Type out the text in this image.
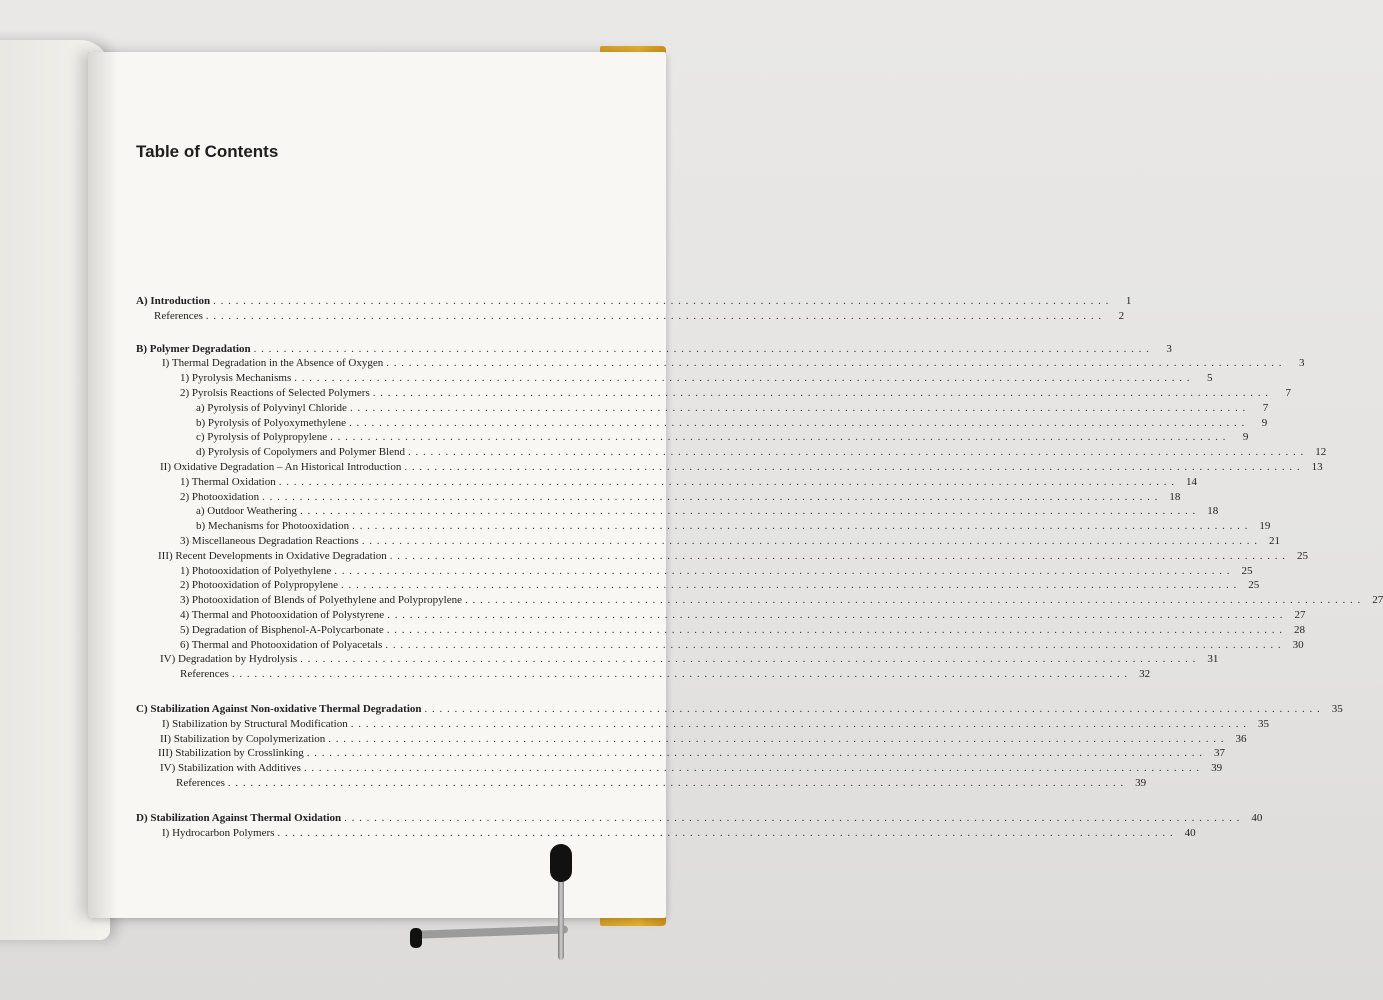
Table of Contents
A) Introduction . . . . . . . . . . . . . . . . . . . . . . . . . . . . . . . . . . . . . . . . . . . . . . . . . . . . . . . . . . . . . . . . . . . . . . . . . . . . . . . . . . . . . . . . . . . . . . . . . . . . . . . . . . . . . . . . . . . . . . . .	1
References . . . . . . . . . . . . . . . . . . . . . . . . . . . . . . . . . . . . . . . . . . . . . . . . . . . . . . . . . . . . . . . . . . . . . . . . . . . . . . . . . . . . . . . . . . . . . . . . . . . . . . . . . . . . . . . . . . . . . . . .	2
B) Polymer Degradation . . . . . . . . . . . . . . . . . . . . . . . . . . . . . . . . . . . . . . . . . . . . . . . . . . . . . . . . . . . . . . . . . . . . . . . . . . . . . . . . . . . . . . . . . . . . . . . . . . . . . . . . . . . . . . . . . . . . . . . .	3
I) Thermal Degradation in the Absence of Oxygen . . . . . . . . . . . . . . . . . . . . . . . . . . . . . . . . . . . . . . . . . . . . . . . . . . . . . . . . . . . . . . . . . . . . . . . . . . . . . . . . . . . . . . . . . . . . . . . . . . . . . . . . . . . . . . . . . . . . . . . .	3
1) Pyrolysis Mechanisms . . . . . . . . . . . . . . . . . . . . . . . . . . . . . . . . . . . . . . . . . . . . . . . . . . . . . . . . . . . . . . . . . . . . . . . . . . . . . . . . . . . . . . . . . . . . . . . . . . . . . . . . . . . . . . . . . . . . . . . .	5
2) Pyrolsis Reactions of Selected Polymers . . . . . . . . . . . . . . . . . . . . . . . . . . . . . . . . . . . . . . . . . . . . . . . . . . . . . . . . . . . . . . . . . . . . . . . . . . . . . . . . . . . . . . . . . . . . . . . . . . . . . . . . . . . . . . . . . . . . . . . .	7
a) Pyrolysis of Polyvinyl Chloride . . . . . . . . . . . . . . . . . . . . . . . . . . . . . . . . . . . . . . . . . . . . . . . . . . . . . . . . . . . . . . . . . . . . . . . . . . . . . . . . . . . . . . . . . . . . . . . . . . . . . . . . . . . . . . . . . . . . . . . .	7
b) Pyrolysis of Polyoxymethylene . . . . . . . . . . . . . . . . . . . . . . . . . . . . . . . . . . . . . . . . . . . . . . . . . . . . . . . . . . . . . . . . . . . . . . . . . . . . . . . . . . . . . . . . . . . . . . . . . . . . . . . . . . . . . . . . . . . . . . . .	9
c) Pyrolysis of Polypropylene . . . . . . . . . . . . . . . . . . . . . . . . . . . . . . . . . . . . . . . . . . . . . . . . . . . . . . . . . . . . . . . . . . . . . . . . . . . . . . . . . . . . . . . . . . . . . . . . . . . . . . . . . . . . . . . . . . . . . . . .	9
d) Pyrolysis of Copolymers and Polymer Blend . . . . . . . . . . . . . . . . . . . . . . . . . . . . . . . . . . . . . . . . . . . . . . . . . . . . . . . . . . . . . . . . . . . . . . . . . . . . . . . . . . . . . . . . . . . . . . . . . . . . . . . . . . . . . . . . . . . . . . . .	12
II) Oxidative Degradation – An Historical Introduction . . . . . . . . . . . . . . . . . . . . . . . . . . . . . . . . . . . . . . . . . . . . . . . . . . . . . . . . . . . . . . . . . . . . . . . . . . . . . . . . . . . . . . . . . . . . . . . . . . . . . . . . . . . . . . . . . . . . . . . .	13
1) Thermal Oxidation . . . . . . . . . . . . . . . . . . . . . . . . . . . . . . . . . . . . . . . . . . . . . . . . . . . . . . . . . . . . . . . . . . . . . . . . . . . . . . . . . . . . . . . . . . . . . . . . . . . . . . . . . . . . . . . . . . . . . . . .	14
2) Photooxidation . . . . . . . . . . . . . . . . . . . . . . . . . . . . . . . . . . . . . . . . . . . . . . . . . . . . . . . . . . . . . . . . . . . . . . . . . . . . . . . . . . . . . . . . . . . . . . . . . . . . . . . . . . . . . . . . . . . . . . . .	18
a) Outdoor Weathering . . . . . . . . . . . . . . . . . . . . . . . . . . . . . . . . . . . . . . . . . . . . . . . . . . . . . . . . . . . . . . . . . . . . . . . . . . . . . . . . . . . . . . . . . . . . . . . . . . . . . . . . . . . . . . . . . . . . . . . .	18
b) Mechanisms for Photooxidation . . . . . . . . . . . . . . . . . . . . . . . . . . . . . . . . . . . . . . . . . . . . . . . . . . . . . . . . . . . . . . . . . . . . . . . . . . . . . . . . . . . . . . . . . . . . . . . . . . . . . . . . . . . . . . . . . . . . . . . .	19
3) Miscellaneous Degradation Reactions . . . . . . . . . . . . . . . . . . . . . . . . . . . . . . . . . . . . . . . . . . . . . . . . . . . . . . . . . . . . . . . . . . . . . . . . . . . . . . . . . . . . . . . . . . . . . . . . . . . . . . . . . . . . . . . . . . . . . . . .	21
III) Recent Developments in Oxidative Degradation . . . . . . . . . . . . . . . . . . . . . . . . . . . . . . . . . . . . . . . . . . . . . . . . . . . . . . . . . . . . . . . . . . . . . . . . . . . . . . . . . . . . . . . . . . . . . . . . . . . . . . . . . . . . . . . . . . . . . . . .	25
1) Photooxidation of Polyethylene . . . . . . . . . . . . . . . . . . . . . . . . . . . . . . . . . . . . . . . . . . . . . . . . . . . . . . . . . . . . . . . . . . . . . . . . . . . . . . . . . . . . . . . . . . . . . . . . . . . . . . . . . . . . . . . . . . . . . . . .	25
2) Photooxidation of Polypropylene . . . . . . . . . . . . . . . . . . . . . . . . . . . . . . . . . . . . . . . . . . . . . . . . . . . . . . . . . . . . . . . . . . . . . . . . . . . . . . . . . . . . . . . . . . . . . . . . . . . . . . . . . . . . . . . . . . . . . . . .	25
3) Photooxidation of Blends of Polyethylene and Polypropylene . . . . . . . . . . . . . . . . . . . . . . . . . . . . . . . . . . . . . . . . . . . . . . . . . . . . . . . . . . . . . . . . . . . . . . . . . . . . . . . . . . . . . . . . . . . . . . . . . . . . . . . . . . . . . . . . . . . . . . . .	27
4) Thermal and Photooxidation of Polystyrene . . . . . . . . . . . . . . . . . . . . . . . . . . . . . . . . . . . . . . . . . . . . . . . . . . . . . . . . . . . . . . . . . . . . . . . . . . . . . . . . . . . . . . . . . . . . . . . . . . . . . . . . . . . . . . . . . . . . . . . .	27
5) Degradation of Bisphenol-A-Polycarbonate . . . . . . . . . . . . . . . . . . . . . . . . . . . . . . . . . . . . . . . . . . . . . . . . . . . . . . . . . . . . . . . . . . . . . . . . . . . . . . . . . . . . . . . . . . . . . . . . . . . . . . . . . . . . . . . . . . . . . . . .	28
6) Thermal and Photooxidation of Polyacetals . . . . . . . . . . . . . . . . . . . . . . . . . . . . . . . . . . . . . . . . . . . . . . . . . . . . . . . . . . . . . . . . . . . . . . . . . . . . . . . . . . . . . . . . . . . . . . . . . . . . . . . . . . . . . . . . . . . . . . . .	30
IV) Degradation by Hydrolysis . . . . . . . . . . . . . . . . . . . . . . . . . . . . . . . . . . . . . . . . . . . . . . . . . . . . . . . . . . . . . . . . . . . . . . . . . . . . . . . . . . . . . . . . . . . . . . . . . . . . . . . . . . . . . . . . . . . . . . . .	31
References . . . . . . . . . . . . . . . . . . . . . . . . . . . . . . . . . . . . . . . . . . . . . . . . . . . . . . . . . . . . . . . . . . . . . . . . . . . . . . . . . . . . . . . . . . . . . . . . . . . . . . . . . . . . . . . . . . . . . . . .	32
C) Stabilization Against Non-oxidative Thermal Degradation . . . . . . . . . . . . . . . . . . . . . . . . . . . . . . . . . . . . . . . . . . . . . . . . . . . . . . . . . . . . . . . . . . . . . . . . . . . . . . . . . . . . . . . . . . . . . . . . . . . . . . . . . . . . . . . . . . . . . . . .	35
I) Stabilization by Structural Modification . . . . . . . . . . . . . . . . . . . . . . . . . . . . . . . . . . . . . . . . . . . . . . . . . . . . . . . . . . . . . . . . . . . . . . . . . . . . . . . . . . . . . . . . . . . . . . . . . . . . . . . . . . . . . . . . . . . . . . . .	35
II) Stabilization by Copolymerization . . . . . . . . . . . . . . . . . . . . . . . . . . . . . . . . . . . . . . . . . . . . . . . . . . . . . . . . . . . . . . . . . . . . . . . . . . . . . . . . . . . . . . . . . . . . . . . . . . . . . . . . . . . . . . . . . . . . . . . .	36
III) Stabilization by Crosslinking . . . . . . . . . . . . . . . . . . . . . . . . . . . . . . . . . . . . . . . . . . . . . . . . . . . . . . . . . . . . . . . . . . . . . . . . . . . . . . . . . . . . . . . . . . . . . . . . . . . . . . . . . . . . . . . . . . . . . . . .	37
IV) Stabilization with Additives . . . . . . . . . . . . . . . . . . . . . . . . . . . . . . . . . . . . . . . . . . . . . . . . . . . . . . . . . . . . . . . . . . . . . . . . . . . . . . . . . . . . . . . . . . . . . . . . . . . . . . . . . . . . . . . . . . . . . . . .	39
References . . . . . . . . . . . . . . . . . . . . . . . . . . . . . . . . . . . . . . . . . . . . . . . . . . . . . . . . . . . . . . . . . . . . . . . . . . . . . . . . . . . . . . . . . . . . . . . . . . . . . . . . . . . . . . . . . . . . . . . .	39
D) Stabilization Against Thermal Oxidation . . . . . . . . . . . . . . . . . . . . . . . . . . . . . . . . . . . . . . . . . . . . . . . . . . . . . . . . . . . . . . . . . . . . . . . . . . . . . . . . . . . . . . . . . . . . . . . . . . . . . . . . . . . . . . . . . . . . . . . .	40
I) Hydrocarbon Polymers . . . . . . . . . . . . . . . . . . . . . . . . . . . . . . . . . . . . . . . . . . . . . . . . . . . . . . . . . . . . . . . . . . . . . . . . . . . . . . . . . . . . . . . . . . . . . . . . . . . . . . . . . . . . . . . . . . . . . . . .	40
